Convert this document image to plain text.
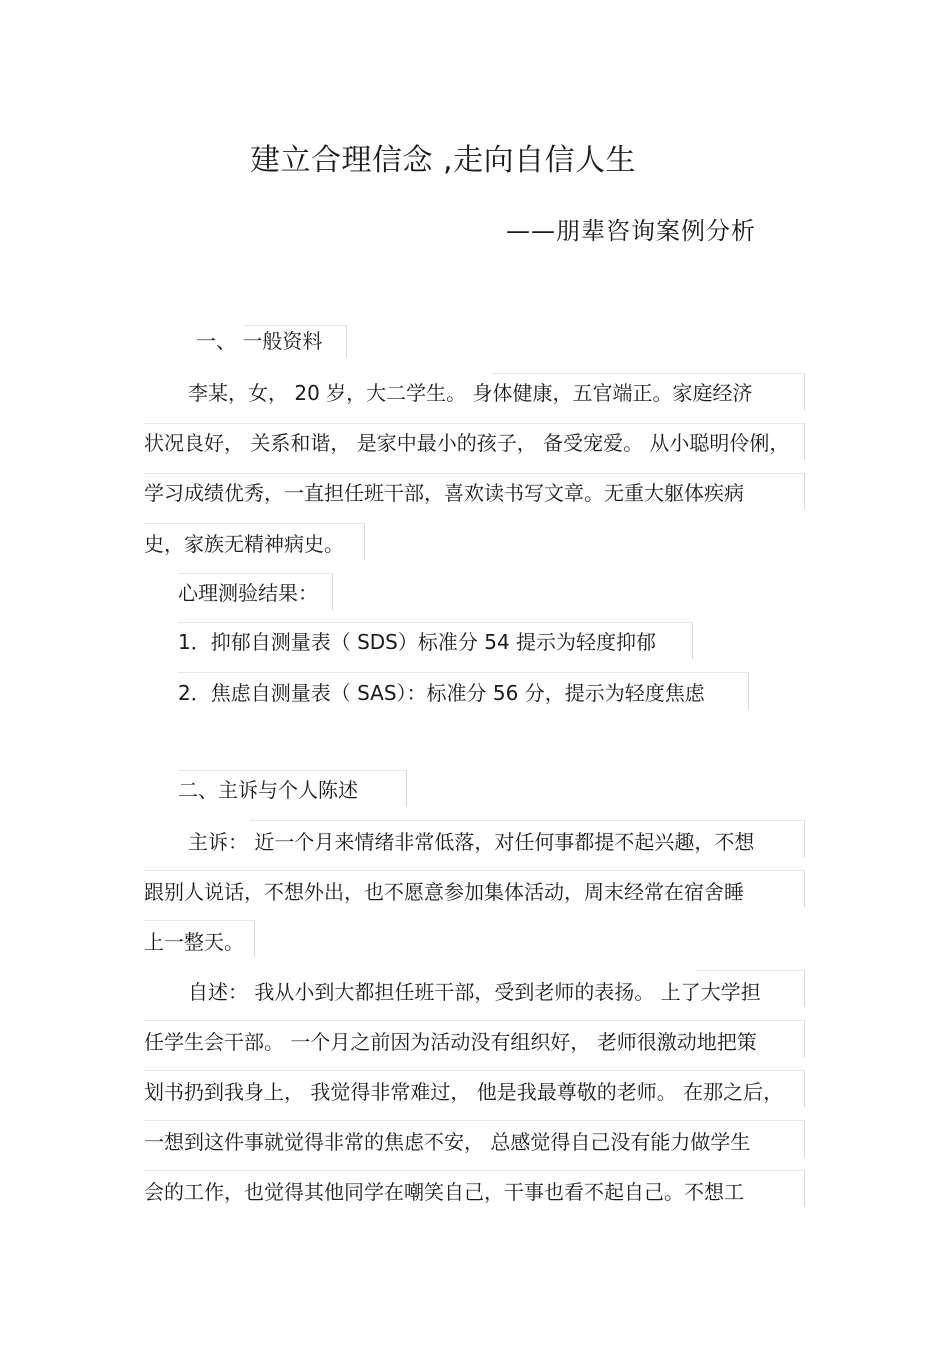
建立合理信念 ,走向自信人生
——朋辈咨询案例分析
一、 一般资料
李某，女， 20 岁，大二学生。 身体健康，五官端正。家庭经济
状况良好， 关系和谐， 是家中最小的孩子， 备受宠爱。 从小聪明伶俐，
学习成绩优秀，一直担任班干部，喜欢读书写文章。无重大躯体疾病
史，家族无精神病史。
心理测验结果：
1．抑郁自测量表（ SDS）标准分 54 提示为轻度抑郁
2．焦虑自测量表（ SAS）：标准分 56 分，提示为轻度焦虑
二、主诉与个人陈述
主诉： 近一个月来情绪非常低落，对任何事都提不起兴趣，不想
跟别人说话，不想外出，也不愿意参加集体活动，周末经常在宿舍睡
上一整天。
自述： 我从小到大都担任班干部，受到老师的表扬。 上了大学担
任学生会干部。 一个月之前因为活动没有组织好， 老师很激动地把策
划书扔到我身上， 我觉得非常难过， 他是我最尊敬的老师。 在那之后，
一想到这件事就觉得非常的焦虑不安， 总感觉得自己没有能力做学生
会的工作，也觉得其他同学在嘲笑自己，干事也看不起自己。不想工
